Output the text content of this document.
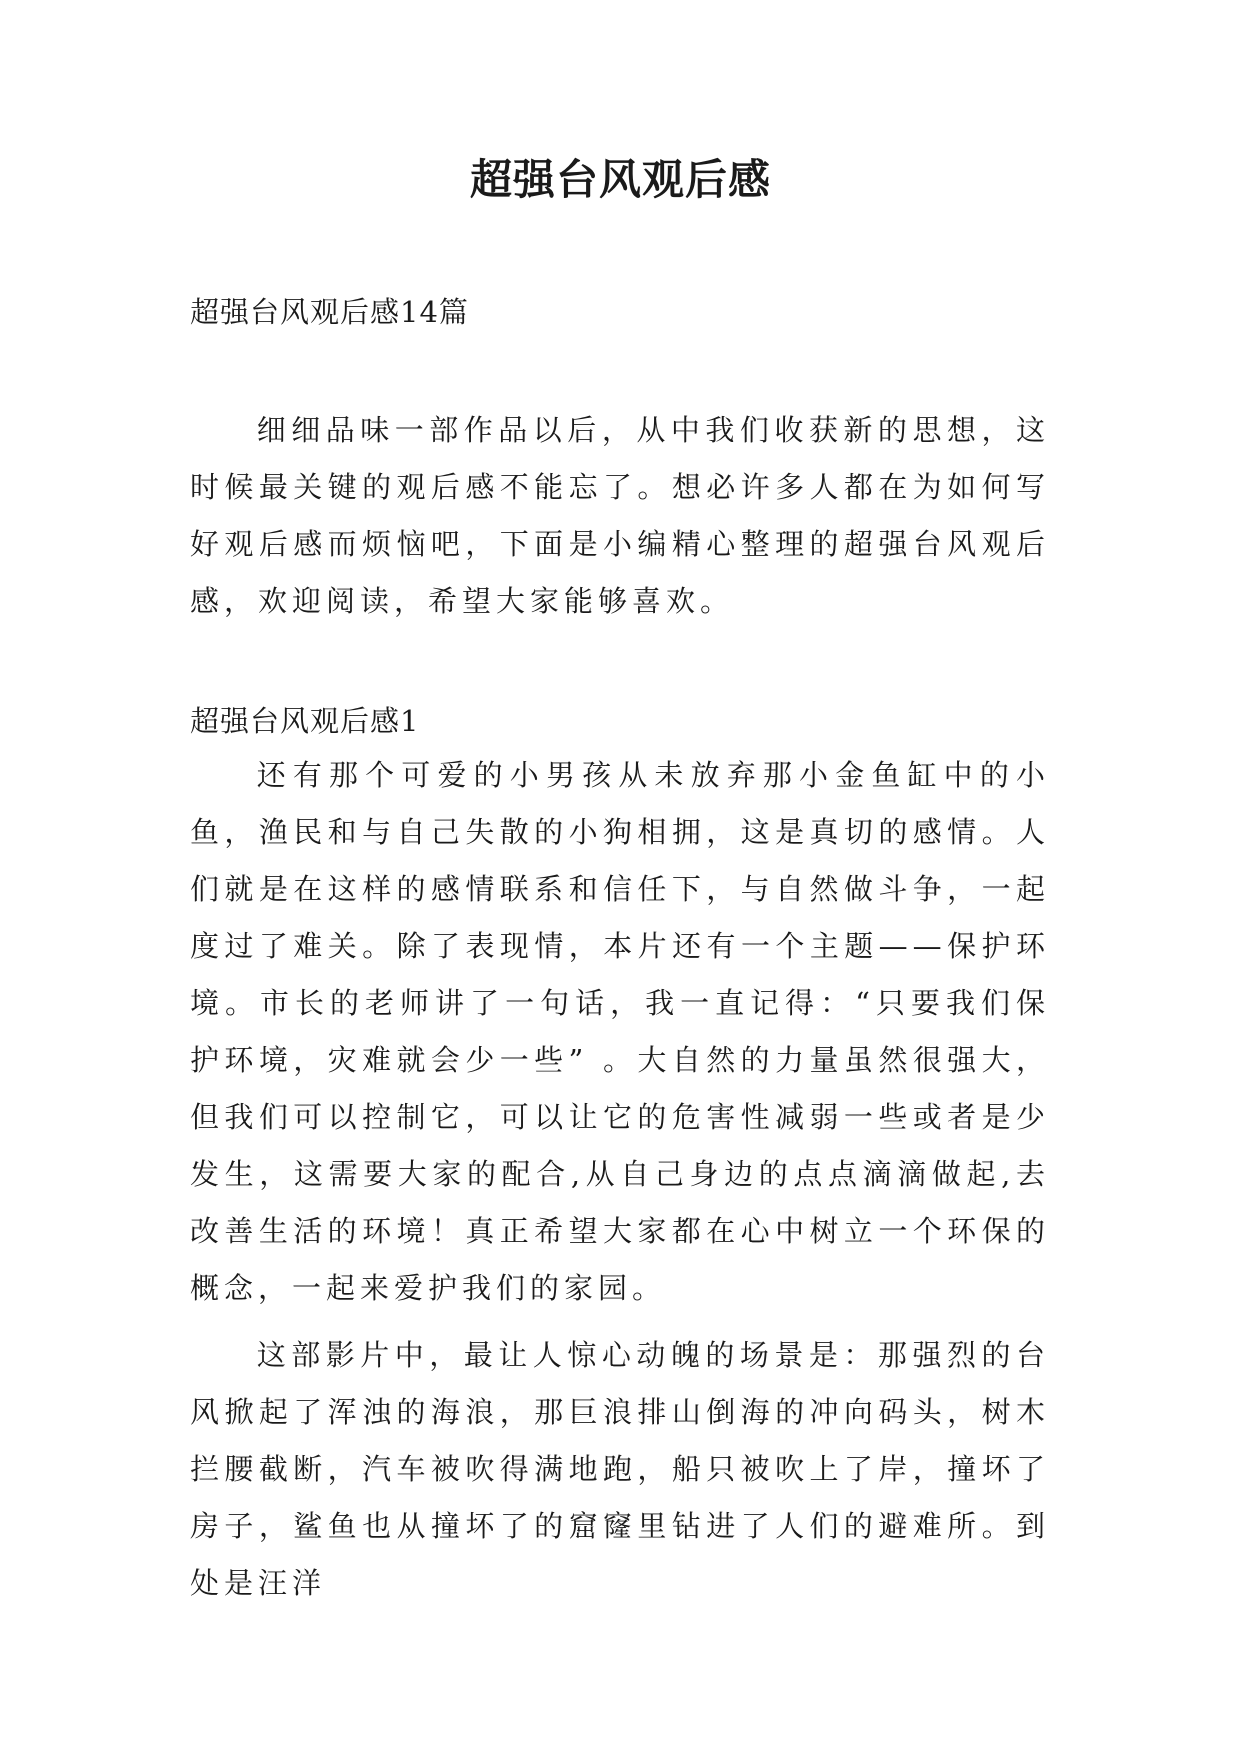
超强台风观后感

超强台风观后感14篇

细细品味一部作品以后，从中我们收获新的思想，这时候最关键的观后感不能忘了。想必许多人都在为如何写好观后感而烦恼吧，下面是小编精心整理的超强台风观后感，欢迎阅读，希望大家能够喜欢。

超强台风观后感1

还有那个可爱的小男孩从未放弃那小金鱼缸中的小鱼，渔民和与自己失散的小狗相拥，这是真切的感情。人们就是在这样的感情联系和信任下，与自然做斗争，一起度过了难关。除了表现情，本片还有一个主题——保护环境。市长的老师讲了一句话，我一直记得：“只要我们保护环境，灾难就会少一些” 。大自然的力量虽然很强大，但我们可以控制它，可以让它的危害性减弱一些或者是少发生，这需要大家的配合,从自己身边的点点滴滴做起,去改善生活的环境！真正希望大家都在心中树立一个环保的概念，一起来爱护我们的家园。

这部影片中，最让人惊心动魄的场景是：那强烈的台风掀起了浑浊的海浪，那巨浪排山倒海的冲向码头，树木拦腰截断，汽车被吹得满地跑，船只被吹上了岸，撞坏了房子，鲨鱼也从撞坏了的窟窿里钻进了人们的避难所。到处是汪洋
